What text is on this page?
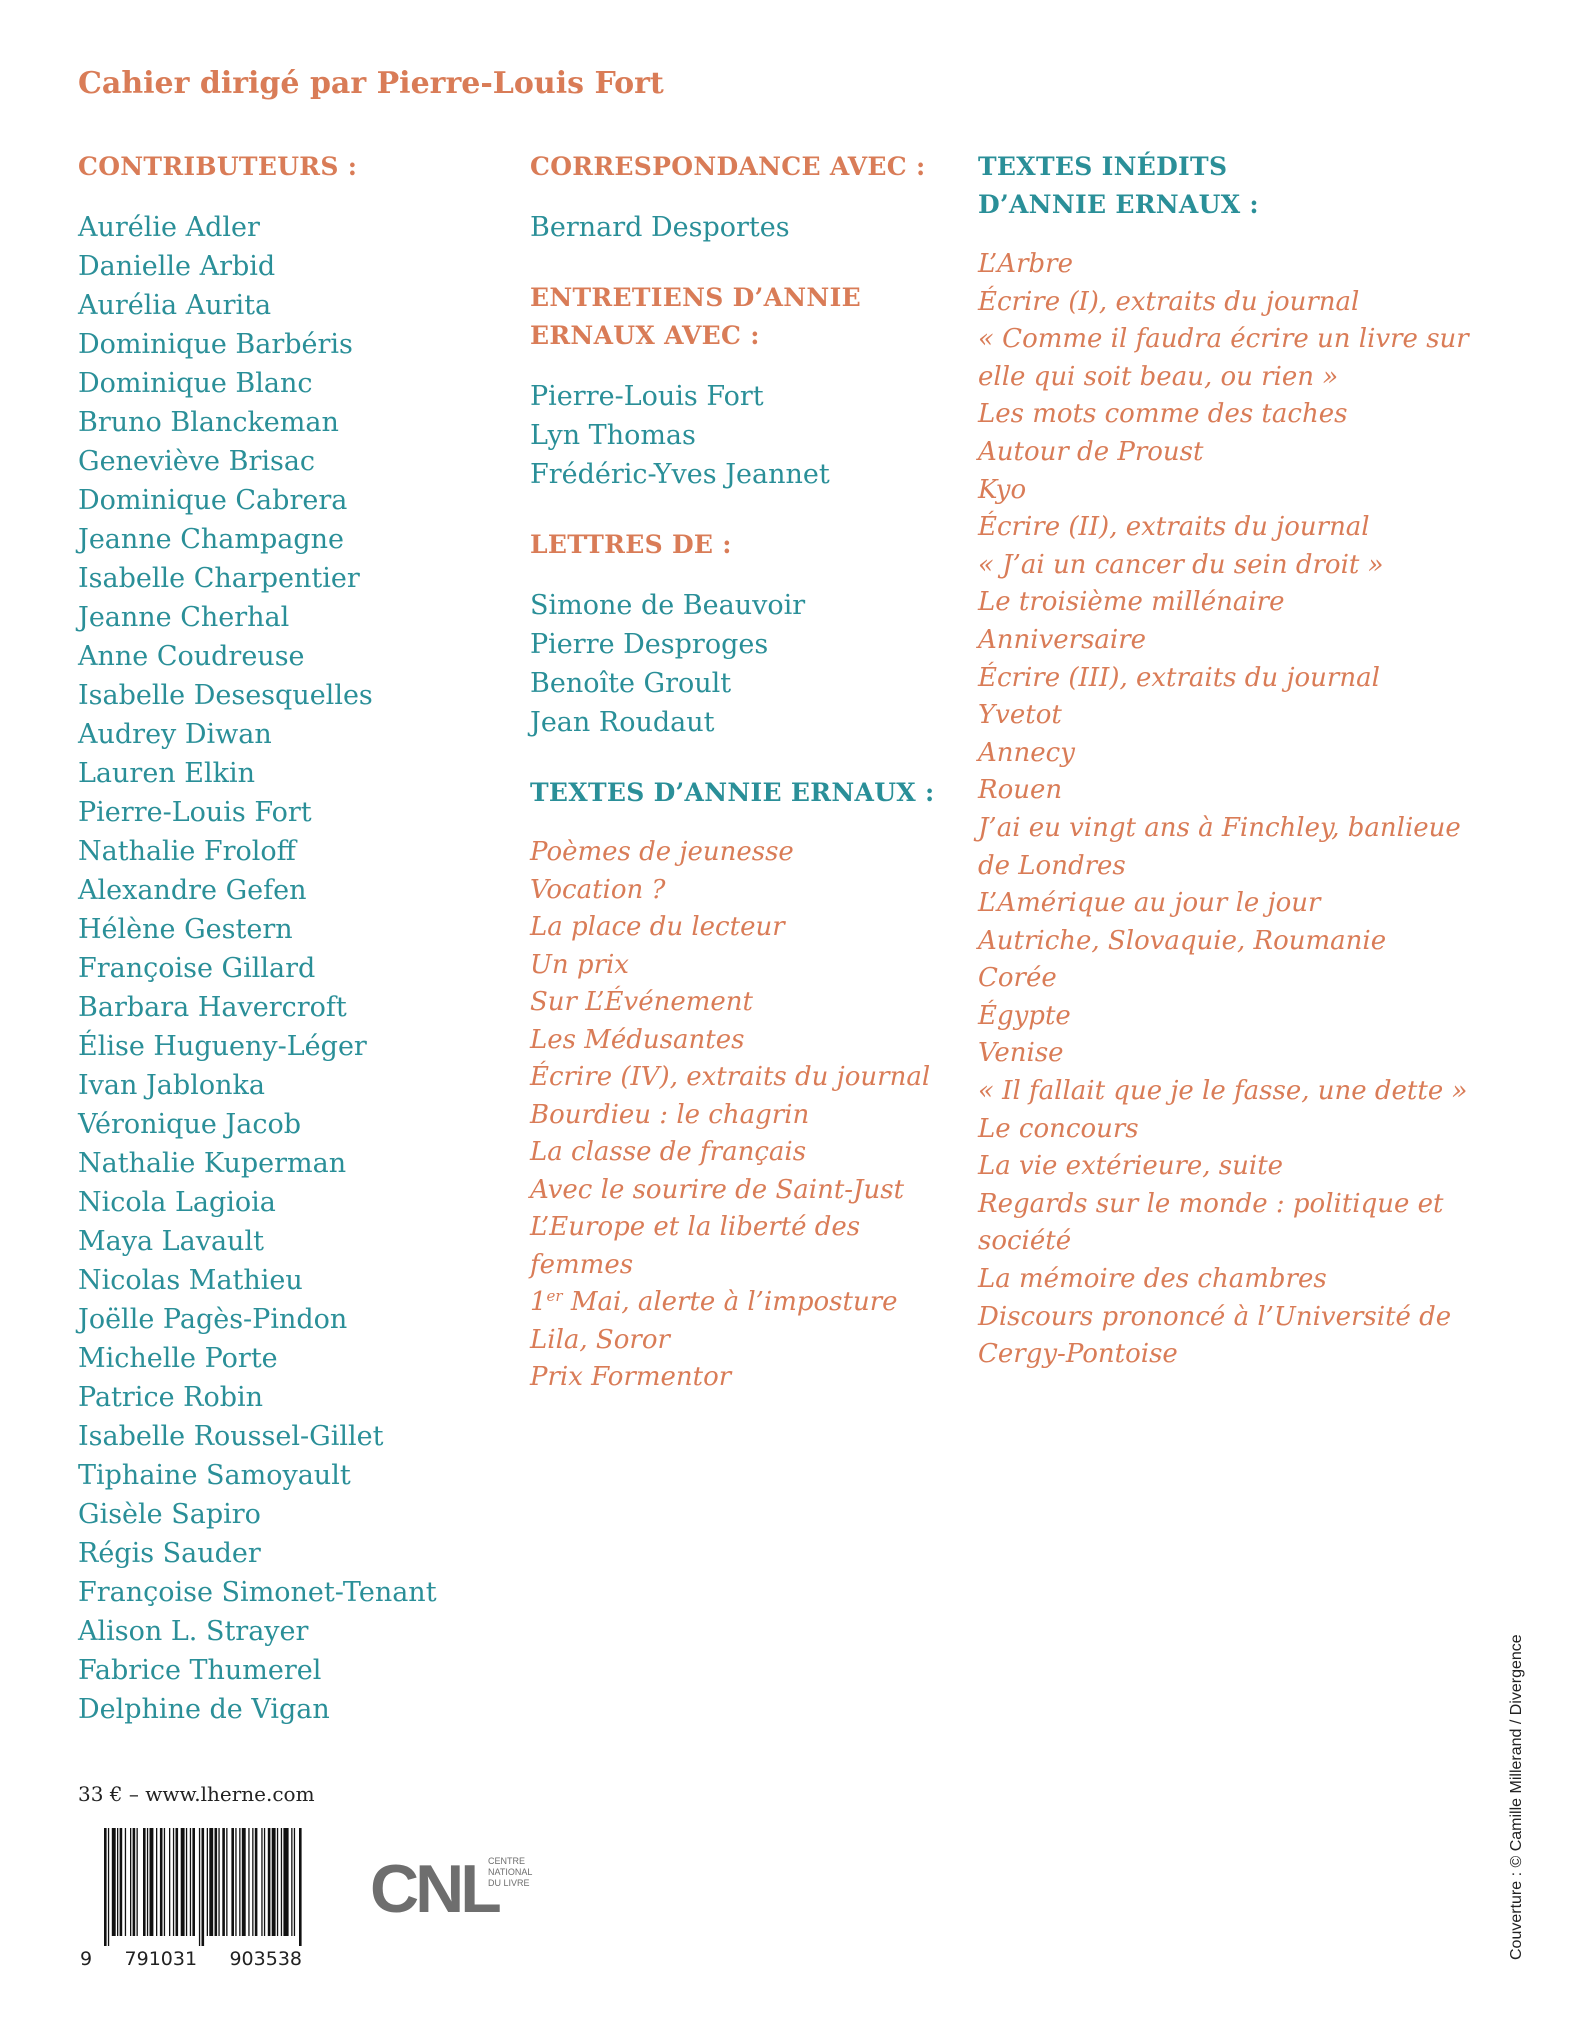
Cahier dirigé par Pierre-Louis Fort
CONTRIBUTEURS :
Aurélie Adler
Danielle Arbid
Aurélia Aurita
Dominique Barbéris
Dominique Blanc
Bruno Blanckeman
Geneviève Brisac
Dominique Cabrera
Jeanne Champagne
Isabelle Charpentier
Jeanne Cherhal
Anne Coudreuse
Isabelle Desesquelles
Audrey Diwan
Lauren Elkin
Pierre-Louis Fort
Nathalie Froloff
Alexandre Gefen
Hélène Gestern
Françoise Gillard
Barbara Havercroft
Élise Hugueny-Léger
Ivan Jablonka
Véronique Jacob
Nathalie Kuperman
Nicola Lagioia
Maya Lavault
Nicolas Mathieu
Joëlle Pagès-Pindon
Michelle Porte
Patrice Robin
Isabelle Roussel-Gillet
Tiphaine Samoyault
Gisèle Sapiro
Régis Sauder
Françoise Simonet-Tenant
Alison L. Strayer
Fabrice Thumerel
Delphine de Vigan
CORRESPONDANCE AVEC :
Bernard Desportes
ENTRETIENS D’ANNIE
ERNAUX AVEC :
Pierre-Louis Fort
Lyn Thomas
Frédéric-Yves Jeannet
LETTRES DE :
Simone de Beauvoir
Pierre Desproges
Benoîte Groult
Jean Roudaut
TEXTES D’ANNIE ERNAUX :
Poèmes de jeunesse
Vocation ?
La place du lecteur
Un prix
Sur L’Événement
Les Médusantes
Écrire (IV), extraits du journal
Bourdieu : le chagrin
La classe de français
Avec le sourire de Saint-Just
L’Europe et la liberté des femmes
1er Mai, alerte à l’imposture
Lila, Soror
Prix Formentor
TEXTES INÉDITS
D’ANNIE ERNAUX :
L’Arbre
Écrire (I), extraits du journal
« Comme il faudra écrire un livre sur elle qui soit beau, ou rien »
Les mots comme des taches
Autour de Proust
Kyo
Écrire (II), extraits du journal
« J’ai un cancer du sein droit »
Le troisième millénaire
Anniversaire
Écrire (III), extraits du journal
Yvetot
Annecy
Rouen
J’ai eu vingt ans à Finchley, banlieue de Londres
L’Amérique au jour le jour
Autriche, Slovaquie, Roumanie
Corée
Égypte
Venise
« Il fallait que je le fasse, une dette »
Le concours
La vie extérieure, suite
Regards sur le monde : politique et société
La mémoire des chambres
Discours prononcé à l’Université de Cergy-Pontoise
33 € – www.lherne.com
9 791031 903538
CNL
CENTRE
NATIONAL
DU LIVRE	Couverture : © Camille Millerand / Divergence
